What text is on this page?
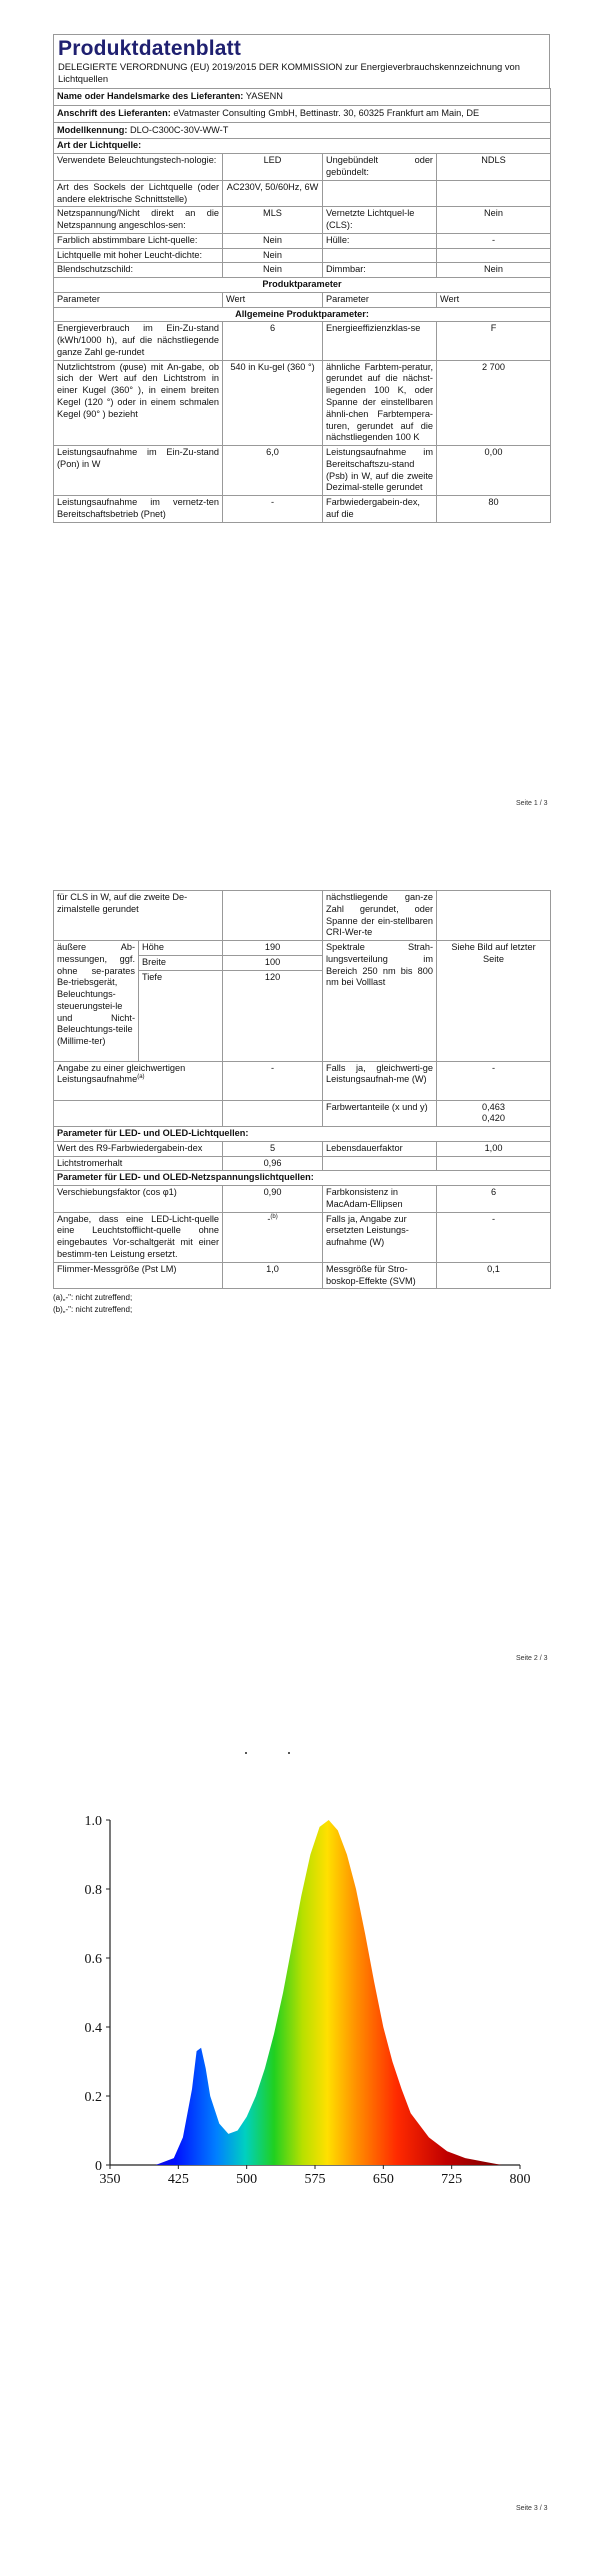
Produktdatenblatt
DELEGIERTE VERORDNUNG (EU) 2019/2015 DER KOMMISSION zur Energieverbrauchskennzeichnung von Lichtquellen
Name oder Handelsmarke des Lieferanten: YASENN			
Anschrift des Lieferanten: eVatmaster Consulting GmbH, Bettinastr. 30, 60325 Frankfurt am Main, DE			
Modellkennung: DLO-C300C-30V-WW-T			
Art der Lichtquelle:			
Verwendete Beleuchtungstech-nologie:	LED	Ungebündelt oder gebündelt:	NDLS
Art des Sockels der Lichtquelle (oder andere elektrische Schnittstelle)	AC230V, 50/60Hz, 6W		
Netzspannung/Nicht direkt an die Netzspannung angeschlos-sen:	MLS	Vernetzte Lichtquel-le (CLS):	Nein
Farblich abstimmbare Licht-quelle:	Nein	Hülle:	-
Lichtquelle mit hoher Leucht-dichte:	Nein		
Blendschutzschild:	Nein	Dimmbar:	Nein
Produktparameter			
Parameter	Wert	Parameter	Wert
Allgemeine Produktparameter:			
Energieverbrauch im Ein-Zu-stand (kWh/1000 h), auf die nächstliegende ganze Zahl ge-rundet	6	Energieeffizienzklas-se	F
Nutzlichtstrom (φuse) mit An-gabe, ob sich der Wert auf den Lichtstrom in einer Kugel (360° ), in einem breiten Kegel (120 °) oder in einem schmalen Kegel (90° ) bezieht	540 in Ku-gel (360 °)	ähnliche Farbtem-peratur, gerundet auf die nächst-liegenden 100 K, oder Spanne der einstellbaren ähnli-chen Farbtempera-turen, gerundet auf die nächstliegenden 100 K	2 700
Leistungsaufnahme im Ein-Zu-stand (Pon) in W	6,0	Leistungsaufnahme im Bereitschaftszu-stand (Psb) in W, auf die zweite Dezimal-stelle gerundet	0,00
Leistungsaufnahme im vernetz-ten Bereitschaftsbetrieb (Pnet)	-	Farbwiedergabein-dex, auf die	80
Seite 1 / 3
für CLS in W, auf die zweite De-zimalstelle gerundet			nächstliegende gan-ze Zahl gerundet, oder Spanne der ein-stellbaren CRI-Wer-te	
äußere Ab-messungen, ggf. ohne se-parates Be-triebsgerät, Beleuchtungs-steuerungstei-le und Nicht-Beleuchtungs-teile (Millime-ter)	Höhe	190	Spektrale Strah-lungsverteilung im Bereich 250 nm bis 800 nm bei Volllast	Siehe Bild auf letzter Seite
	Breite	100		
	Tiefe	120		
Angabe zu einer gleichwertigen Leistungsaufnahme$^{(a)}$		-	Falls ja, gleichwerti-ge Leistungsaufnah-me (W)	-
			Farbwertanteile (x und y)	0,463
0,420

Parameter für LED- und OLED-Lichtquellen:				
Wert des R9-Farbwiedergabein-dex		5	Lebensdauerfaktor	1,00
Lichtstromerhalt		0,96		
Parameter für LED- und OLED-Netzspannungslichtquellen:				
Verschiebungsfaktor (cos φ1)		0,90	Farbkonsistenz in MacAdam-Ellipsen	6
Angabe, dass eine LED-Licht-quelle eine Leuchtstofflicht-quelle ohne eingebautes Vor-schaltgerät mit einer bestimm-ten Leistung ersetzt.		-$^{(b)}$	Falls ja, Angabe zur ersetzten Leistungs-aufnahme (W)	-
Flimmer-Messgröße (Pst LM)		1,0	Messgröße für Stro-boskop-Effekte (SVM)	0,1
(a)„-": nicht zutreffend;
(b)„-": nicht zutreffend;
Seite 2 / 3
350	425	500	575	650	725	800
0
0.2
0.4
0.6
0.8
1.0
Seite 3 / 3
